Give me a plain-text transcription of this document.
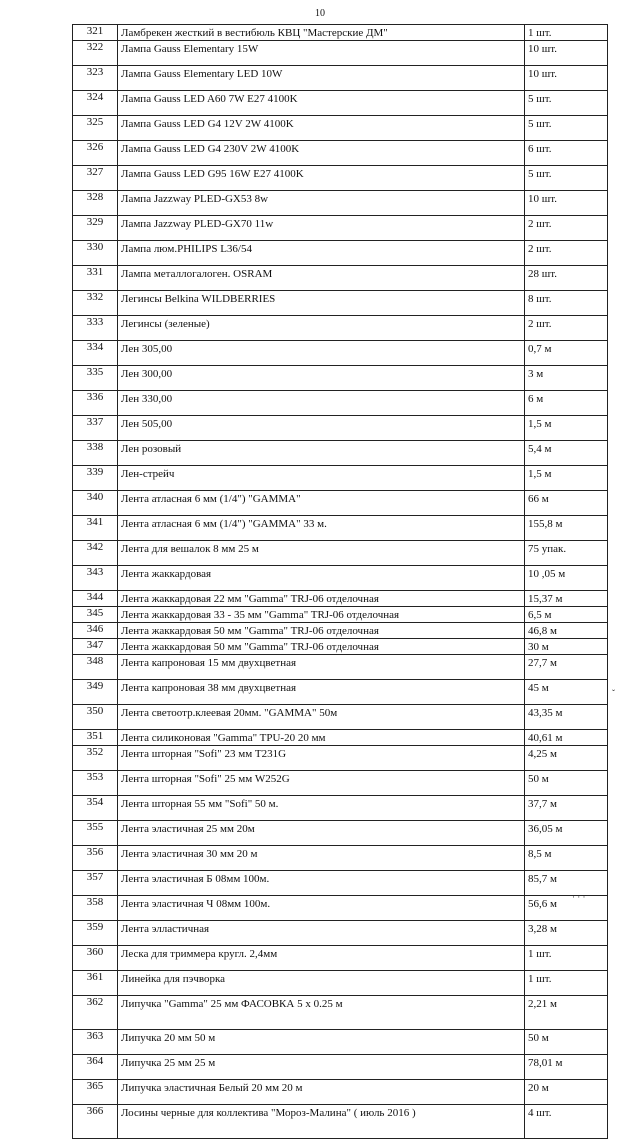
10
321	Ламбрекен жесткий в вестибюль КВЦ "Мастерские ДМ"	1 шт.
322	Лампа Gauss Elementary 15W	10 шт.
323	Лампа Gauss Elementary LED 10W	10 шт.
324	Лампа Gauss LED A60 7W E27 4100K	5 шт.
325	Лампа Gauss LED G4 12V 2W 4100K	5 шт.
326	Лампа Gauss LED G4 230V 2W 4100K	6 шт.
327	Лампа Gauss LED G95 16W E27 4100K	5 шт.
328	Лампа Jazzway PLED-GX53 8w	10 шт.
329	Лампа Jazzway PLED-GX70 11w	2 шт.
330	Лампа люм.PHILIPS L36/54	2 шт.
331	Лампа металлогалоген. OSRAM	28 шт.
332	Легинсы Belkina WILDBERRIES	8 шт.
333	Легинсы (зеленые)	2 шт.
334	Лен 305,00	0,7 м
335	Лен 300,00	3 м
336	Лен 330,00	6 м
337	Лен 505,00	1,5 м
338	Лен розовый	5,4 м
339	Лен-стрейч	1,5 м
340	Лента атласная 6 мм (1/4") "GAMMA"	66 м
341	Лента атласная 6 мм (1/4") "GAMMA" 33 м.	155,8 м
342	Лента для вешалок 8 мм 25 м	75 упак.
343	Лента жаккардовая	10 ,05 м
344	Лента жаккардовая 22 мм "Gamma" TRJ-06 отделочная	15,37 м
345	Лента жаккардовая 33 - 35 мм "Gamma" TRJ-06 отделочная	6,5 м
346	Лента жаккардовая 50 мм "Gamma" TRJ-06 отделочная	46,8 м
347	Лента жаккардовая 50 мм "Gamma" TRJ-06 отделочная	30 м
348	Лента капроновая 15 мм двухцветная	27,7 м
349	Лента капроновая 38 мм двухцветная	45 м
350	Лента светоотр.клеевая 20мм. "GAMMA" 50м	43,35 м
351	Лента силиконовая "Gamma" TPU-20 20 мм	40,61 м
352	Лента шторная "Sofi" 23 мм T231G	4,25 м
353	Лента шторная "Sofi" 25 мм W252G	50 м
354	Лента шторная 55 мм "Sofi" 50 м.	37,7 м
355	Лента эластичная 25 мм 20м	36,05 м
356	Лента эластичная 30 мм 20 м	8,5 м
357	Лента эластичная Б 08мм 100м.	85,7 м
358	Лента эластичная Ч 08мм 100м.	56,6 м
359	Лента элластичная	3,28 м
360	Леска для триммера кругл. 2,4мм	1 шт.
361	Линейка для пэчворка	1 шт.
362	Липучка "Gamma" 25 мм ФАСОВКА 5 х 0.25 м	2,21 м
363	Липучка 20 мм 50 м	50 м
364	Липучка 25 мм 25 м	78,01 м
365	Липучка эластичная Белый 20 мм 20 м	20 м
366	Лосины черные для коллектива "Мороз-Малина" ( июль 2016 )	4 шт.
ˇ
· · ·
